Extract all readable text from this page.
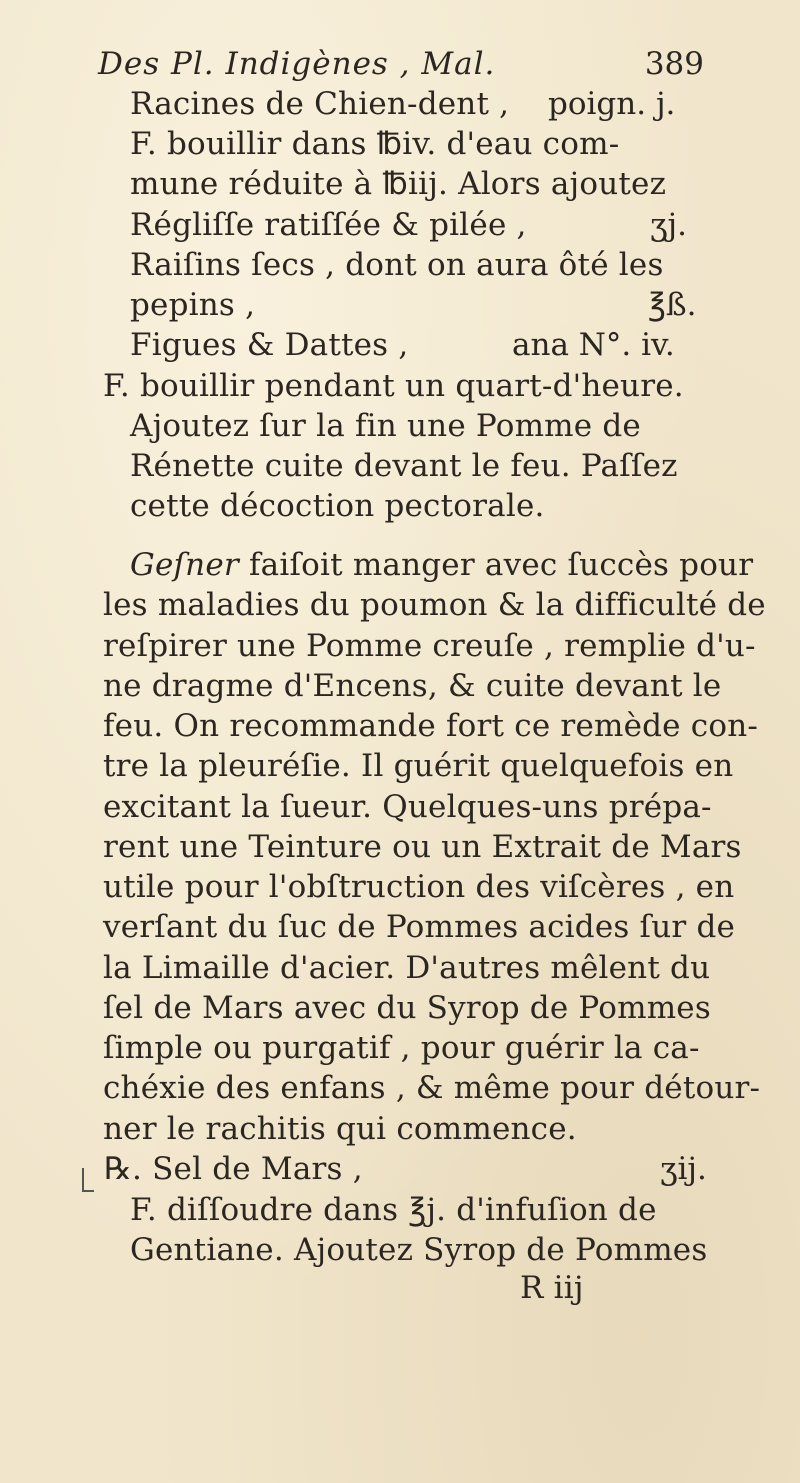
Des Pl. Indigènes , Mal.	389
Racines de Chien-dent , poign. j.
F. bouillir dans ℔iv. d'eau com-
mune réduite à ℔iij. Alors ajoutez
Régliſſe ratiſſée & pilée ,	ʒj.
Raiſins ſecs , dont on aura ôté les
pepins ,	℥ß.
Figues & Dattes ,	ana N°. iv.
F. bouillir pendant un quart-d'heure.
Ajoutez ſur la fin une Pomme de
Rénette cuite devant le feu. Paſſez
cette décoction pectorale.
Geſner faiſoit manger avec ſuccès pour
les maladies du poumon & la difficulté de
reſpirer une Pomme creuſe , remplie d'u-
ne dragme d'Encens, & cuite devant le
feu. On recommande fort ce remède con-
tre la pleuréſie. Il guérit quelquefois en
excitant la ſueur. Quelques-uns prépa-
rent une Teinture ou un Extrait de Mars
utile pour l'obſtruction des viſcères , en
verſant du ſuc de Pommes acides ſur de
la Limaille d'acier. D'autres mêlent du
ſel de Mars avec du Syrop de Pommes
ſimple ou purgatif , pour guérir la ca-
chéxie des enfans , & même pour détour-
ner le rachitis qui commence.
℞. Sel de Mars ,	ʒij.
F. diſſoudre dans ℥j. d'infuſion de
Gentiane. Ajoutez Syrop de Pommes
R iij
